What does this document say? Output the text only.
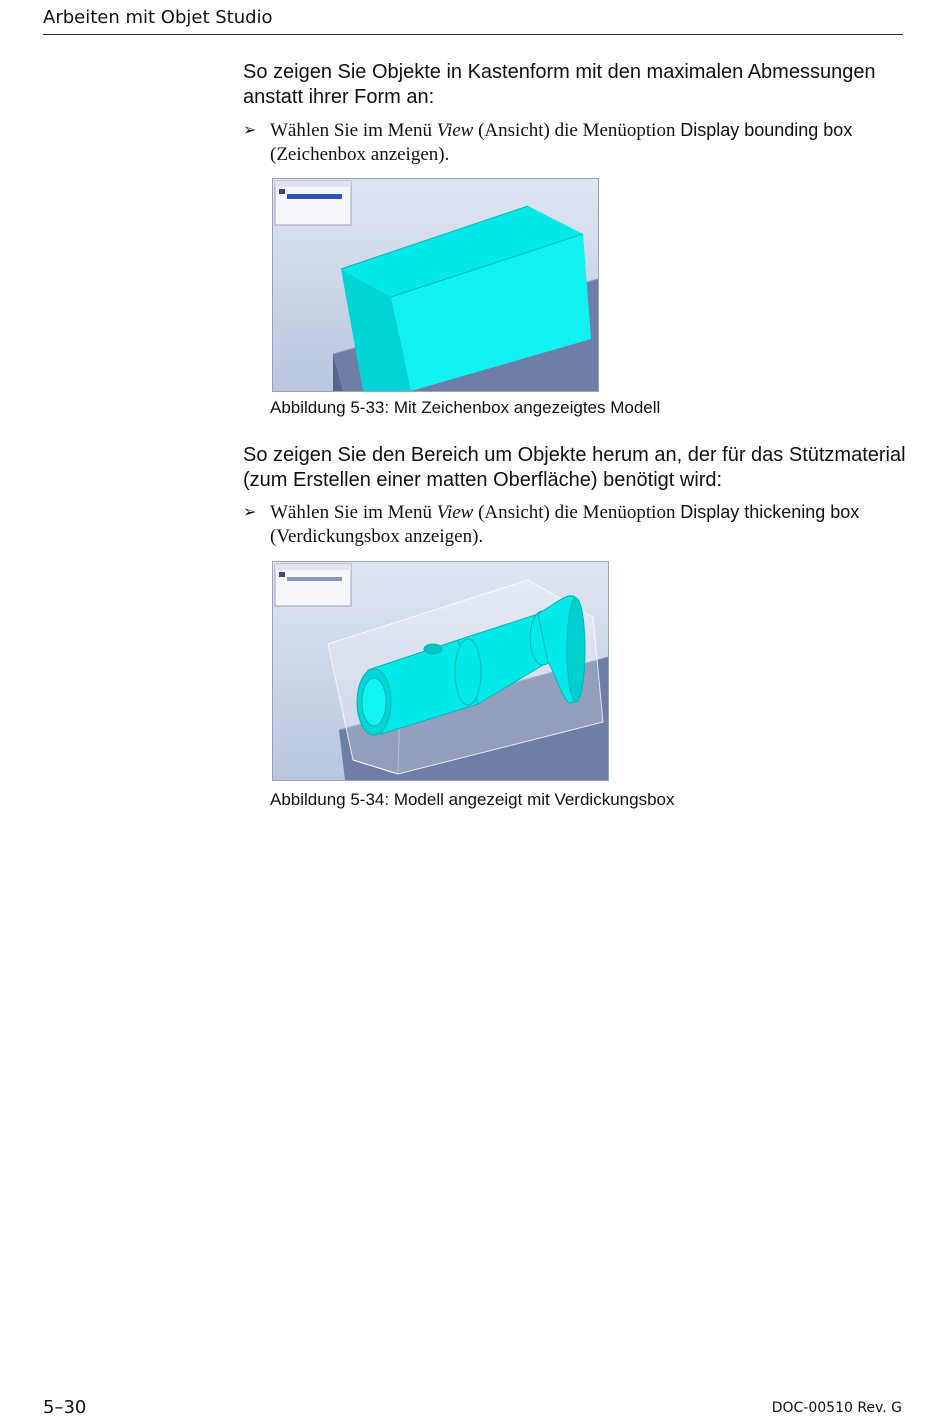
Arbeiten mit Objet Studio
So zeigen Sie Objekte in Kastenform mit den maximalen Abmessungen anstatt ihrer Form an:
➢ Wählen Sie im Menü View (Ansicht) die Menüoption Display bounding box (Zeichenbox anzeigen).
Abbildung 5-33: Mit Zeichenbox angezeigtes Modell
So zeigen Sie den Bereich um Objekte herum an, der für das Stützmaterial (zum Erstellen einer matten Oberfläche) benötigt wird:
➢ Wählen Sie im Menü View (Ansicht) die Menüoption Display thickening box (Verdickungsbox anzeigen).
Abbildung 5-34: Modell angezeigt mit Verdickungsbox
5–30	DOC-00510 Rev. G
